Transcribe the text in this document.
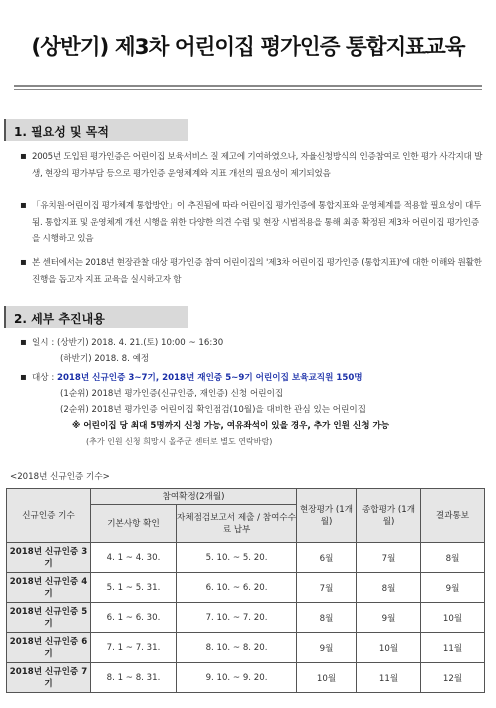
(상반기) 제3차 어린이집 평가인증 통합지표교육
1. 필요성 및 목적
▪ 2005년 도입된 평가인증은 어린이집 보육서비스 질 제고에 기여하였으나, 자율신청방식의 인증참여로 인한 평가 사각지대 발생, 현장의 평가부담 등으로 평가인증 운영체계와 지표 개선의 필요성이 제기되었음
▪ 「유치원·어린이집 평가체계 통합방안」이 추진됨에 따라 어린이집 평가인증에 통합지표와 운영체계를 적용할 필요성이 대두됨. 통합지표 및 운영체계 개선 시행을 위한 다양한 의견 수렴 및 현장 시범적용을 통해 최종 확정된 제3차 어린이집 평가인증을 시행하고 있음
▪ 본 센터에서는 2018년 현장관찰 대상 평가인증 참여 어린이집의 '제3차 어린이집 평가인증 (통합지표)'에 대한 이해와 원활한 진행을 돕고자 지표 교육을 실시하고자 함
2. 세부 추진내용
▪ 일시 : (상반기) 2018. 4. 21.(토) 10:00 ~ 16:30
(하반기) 2018. 8. 예정
▪ 대상 : 2018년 신규인증 3~7기, 2018년 재인증 5~9기 어린이집 보육교직원 150명
(1순위) 2018년 평가인증(신규인증, 재인증) 신청 어린이집
(2순위) 2018년 평가인증 어린이집 확인점검(10월)을 대비한 관심 있는 어린이집
※ 어린이집 당 최대 5명까지 신청 가능, 여유좌석이 있을 경우, 추가 인원 신청 가능
(추가 인원 신청 희망시 올주군 센터로 별도 연락바람)
<2018년 신규인증 기수>
신규인증 기수	참여확정(2개월)		현장평가 (1개월)	종합평가 (1개월)	결과통보
	기본사항 확인	자체점검보고서 제출 / 참여수수료 납부			
2018년 신규인증 3기	4. 1 ~ 4. 30.	5. 10. ~ 5. 20.	6월	7월	8월
2018년 신규인증 4기	5. 1 ~ 5. 31.	6. 10. ~ 6. 20.	7월	8월	9월
2018년 신규인증 5기	6. 1 ~ 6. 30.	7. 10. ~ 7. 20.	8월	9월	10월
2018년 신규인증 6기	7. 1 ~ 7. 31.	8. 10. ~ 8. 20.	9월	10월	11월
2018년 신규인증 7기	8. 1 ~ 8. 31.	9. 10. ~ 9. 20.	10월	11월	12월
